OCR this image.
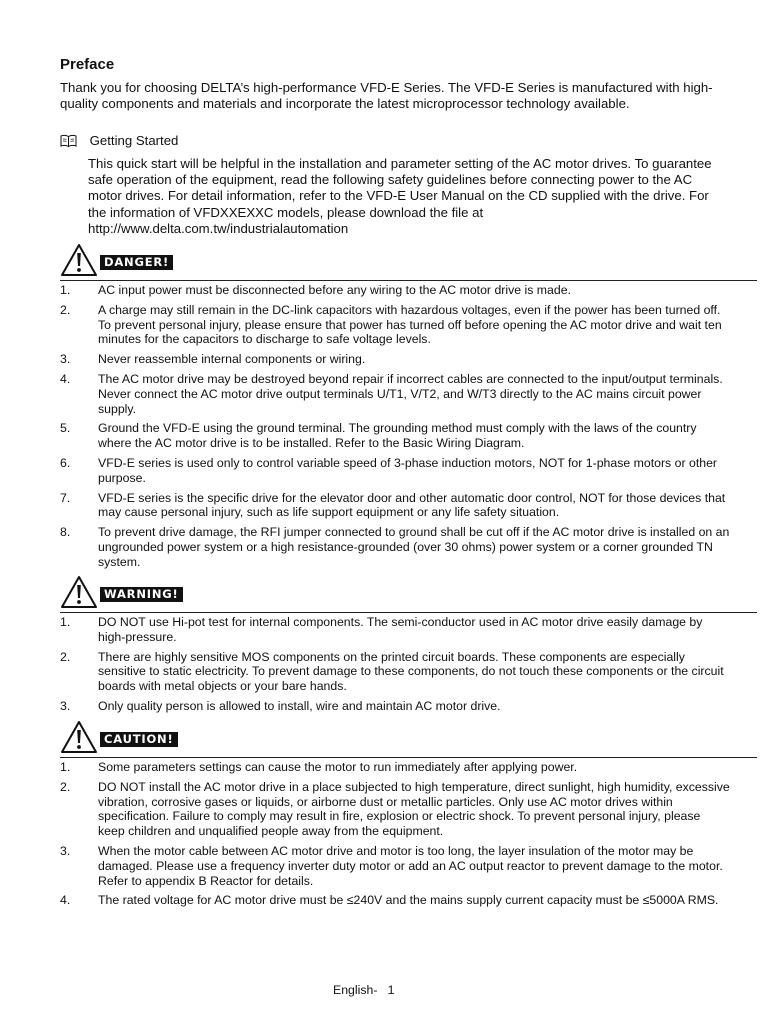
Preface
Thank you for choosing DELTA’s high-performance VFD-E Series. The VFD-E Series is manufactured with high-quality components and materials and incorporate the latest microprocessor technology available.
Getting Started
This quick start will be helpful in the installation and parameter setting of the AC motor drives. To guarantee safe operation of the equipment, read the following safety guidelines before connecting power to the AC motor drives. For detail information, refer to the VFD-E User Manual on the CD supplied with the drive. For the information of VFDXXEXXC models, please download the file at http://www.delta.com.tw/industrialautomation
DANGER!
1. AC input power must be disconnected before any wiring to the AC motor drive is made.
2. A charge may still remain in the DC-link capacitors with hazardous voltages, even if the power has been turned off. To prevent personal injury, please ensure that power has turned off before opening the AC motor drive and wait ten minutes for the capacitors to discharge to safe voltage levels.
3. Never reassemble internal components or wiring.
4. The AC motor drive may be destroyed beyond repair if incorrect cables are connected to the input/output terminals. Never connect the AC motor drive output terminals U/T1, V/T2, and W/T3 directly to the AC mains circuit power supply.
5. Ground the VFD-E using the ground terminal. The grounding method must comply with the laws of the country where the AC motor drive is to be installed. Refer to the Basic Wiring Diagram.
6. VFD-E series is used only to control variable speed of 3-phase induction motors, NOT for 1-phase motors or other purpose.
7. VFD-E series is the specific drive for the elevator door and other automatic door control, NOT for those devices that may cause personal injury, such as life support equipment or any life safety situation.
8. To prevent drive damage, the RFI jumper connected to ground shall be cut off if the AC motor drive is installed on an ungrounded power system or a high resistance-grounded (over 30 ohms) power system or a corner grounded TN system.
WARNING!
1. DO NOT use Hi-pot test for internal components. The semi-conductor used in AC motor drive easily damage by high-pressure.
2. There are highly sensitive MOS components on the printed circuit boards. These components are especially sensitive to static electricity. To prevent damage to these components, do not touch these components or the circuit boards with metal objects or your bare hands.
3. Only quality person is allowed to install, wire and maintain AC motor drive.
CAUTION!
1. Some parameters settings can cause the motor to run immediately after applying power.
2. DO NOT install the AC motor drive in a place subjected to high temperature, direct sunlight, high humidity, excessive vibration, corrosive gases or liquids, or airborne dust or metallic particles. Only use AC motor drives within specification. Failure to comply may result in fire, explosion or electric shock. To prevent personal injury, please keep children and unqualified people away from the equipment.
3. When the motor cable between AC motor drive and motor is too long, the layer insulation of the motor may be damaged. Please use a frequency inverter duty motor or add an AC output reactor to prevent damage to the motor. Refer to appendix B Reactor for details.
4. The rated voltage for AC motor drive must be ≤240V and the mains supply current capacity must be ≤5000A RMS.
English-   1
